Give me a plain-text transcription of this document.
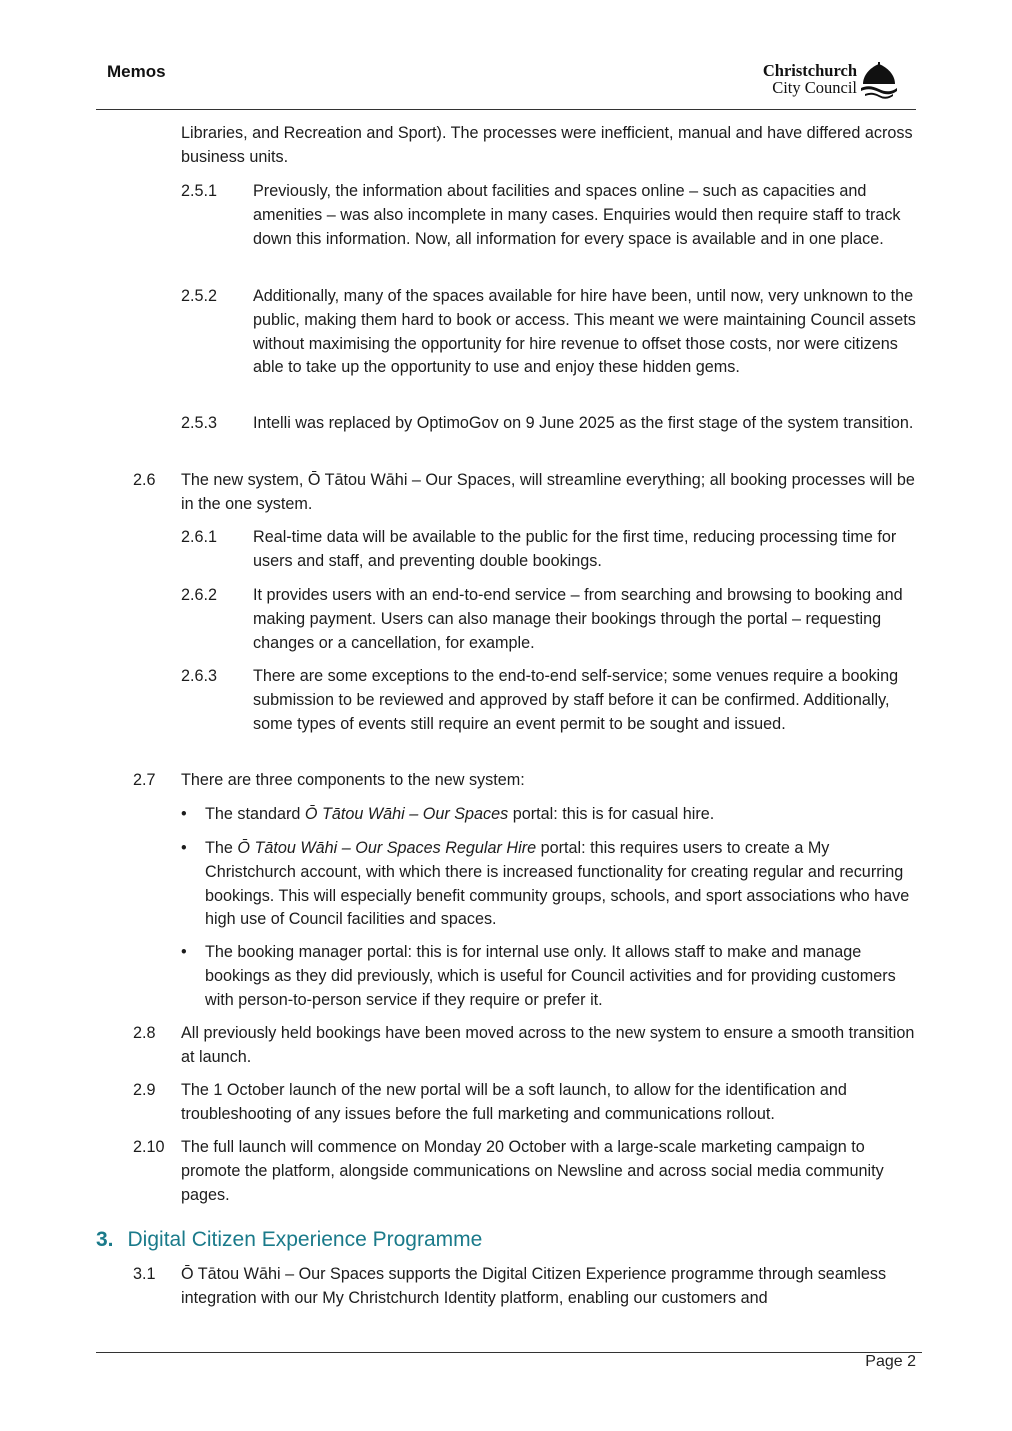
Memos	Christchurch
City Council
Libraries, and Recreation and Sport). The processes were inefficient, manual and have differed across business units.
2.5.1 Previously, the information about facilities and spaces online – such as capacities and amenities – was also incomplete in many cases. Enquiries would then require staff to track down this information. Now, all information for every space is available and in one place.
2.5.2 Additionally, many of the spaces available for hire have been, until now, very unknown to the public, making them hard to book or access. This meant we were maintaining Council assets without maximising the opportunity for hire revenue to offset those costs, nor were citizens able to take up the opportunity to use and enjoy these hidden gems.
2.5.3 Intelli was replaced by OptimoGov on 9 June 2025 as the first stage of the system transition.
2.6 The new system, Ō Tātou Wāhi – Our Spaces, will streamline everything; all booking processes will be in the one system.
2.6.1 Real-time data will be available to the public for the first time, reducing processing time for users and staff, and preventing double bookings.
2.6.2 It provides users with an end-to-end service – from searching and browsing to booking and making payment. Users can also manage their bookings through the portal – requesting changes or a cancellation, for example.
2.6.3 There are some exceptions to the end-to-end self-service; some venues require a booking submission to be reviewed and approved by staff before it can be confirmed. Additionally, some types of events still require an event permit to be sought and issued.
2.7 There are three components to the new system:
• The standard Ō Tātou Wāhi – Our Spaces portal: this is for casual hire.
• The Ō Tātou Wāhi – Our Spaces Regular Hire portal: this requires users to create a My Christchurch account, with which there is increased functionality for creating regular and recurring bookings. This will especially benefit community groups, schools, and sport associations who have high use of Council facilities and spaces.
• The booking manager portal: this is for internal use only. It allows staff to make and manage bookings as they did previously, which is useful for Council activities and for providing customers with person-to-person service if they require or prefer it.
2.8 All previously held bookings have been moved across to the new system to ensure a smooth transition at launch.
2.9 The 1 October launch of the new portal will be a soft launch, to allow for the identification and troubleshooting of any issues before the full marketing and communications rollout.
2.10 The full launch will commence on Monday 20 October with a large-scale marketing campaign to promote the platform, alongside communications on Newsline and across social media community pages.
3. Digital Citizen Experience Programme
3.1 Ō Tātou Wāhi – Our Spaces supports the Digital Citizen Experience programme through seamless integration with our My Christchurch Identity platform, enabling our customers and
Page 2
